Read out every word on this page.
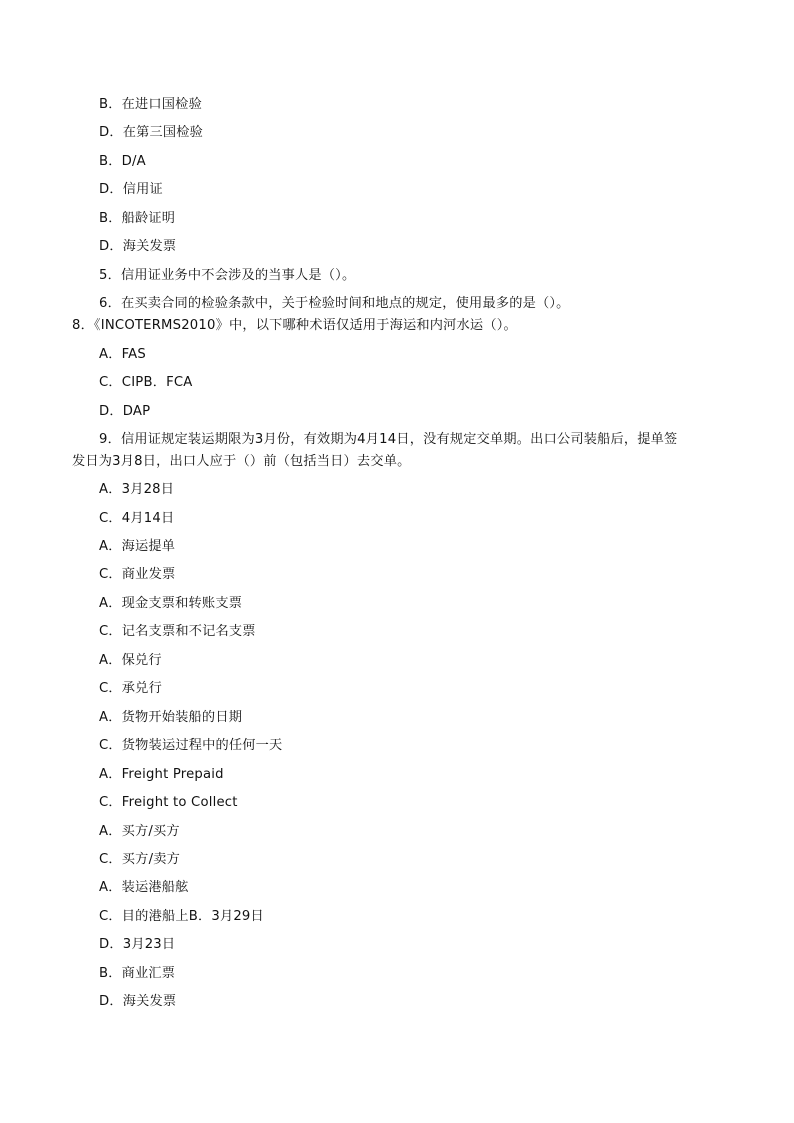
B．在进口国检验
D．在第三国检验
B．D/A
D．信用证
B．船龄证明
D．海关发票
5．信用证业务中不会涉及的当事人是（）。
6．在买卖合同的检验条款中，关于检验时间和地点的规定，使用最多的是（）。
8．《INCOTERMS2010》中，以下哪种术语仅适用于海运和内河水运（）。
A．FAS
C．CIPB．FCA
D．DAP
9．信用证规定装运期限为3月份，有效期为4月14日，没有规定交单期。出口公司装船后，提单签
发日为3月8日，出口人应于（）前（包括当日）去交单。
A．3月28日
C．4月14日
A．海运提单
C．商业发票
A．现金支票和转账支票
C．记名支票和不记名支票
A．保兑行
C．承兑行
A．货物开始装船的日期
C．货物装运过程中的任何一天
A．Freight Prepaid
C．Freight to Collect
A．买方/买方
C．买方/卖方
A．装运港船舷
C．目的港船上B．3月29日
D．3月23日
B．商业汇票
D．海关发票
